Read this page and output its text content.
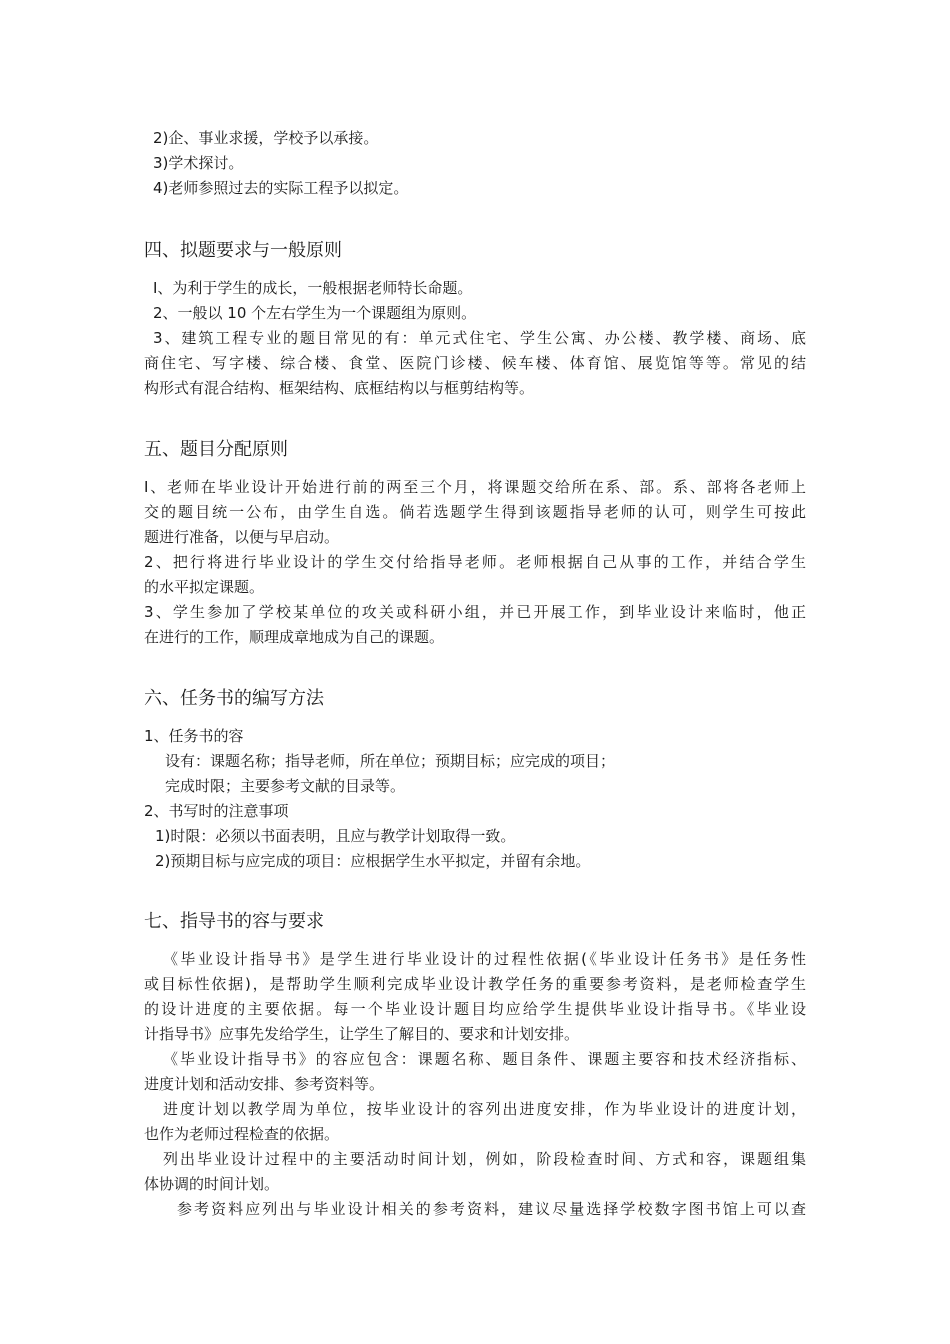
2)企、事业求援，学校予以承接。
3)学术探讨。
4)老师参照过去的实际工程予以拟定。
四、拟题要求与一般原则
I、为利于学生的成长，一般根据老师特长命题。
2、一般以 10 个左右学生为一个课题组为原则。
3、建筑工程专业的题目常见的有：单元式住宅、学生公寓、办公楼、教学楼、商场、底
商住宅、写字楼、综合楼、食堂、医院门诊楼、候车楼、体育馆、展览馆等等。常见的结
构形式有混合结构、框架结构、底框结构以与框剪结构等。
五、题目分配原则
I、老师在毕业设计开始进行前的两至三个月，将课题交给所在系、部。系、部将各老师上
交的题目统一公布，由学生自选。倘若选题学生得到该题指导老师的认可，则学生可按此
题进行准备，以便与早启动。
2、把行将进行毕业设计的学生交付给指导老师。老师根据自己从事的工作，并结合学生
的水平拟定课题。
3、学生参加了学校某单位的攻关或科研小组，并已开展工作，到毕业设计来临时，他正
在进行的工作，顺理成章地成为自己的课题。
六、任务书的编写方法
1、任务书的容
设有：课题名称；指导老师，所在单位；预期目标；应完成的项目；
完成时限；主要参考文献的目录等。
2、书写时的注意事项
1)时限：必须以书面表明，且应与教学计划取得一致。
2)预期目标与应完成的项目：应根据学生水平拟定，并留有余地。
七、指导书的容与要求
《毕业设计指导书》是学生进行毕业设计的过程性依据(《毕业设计任务书》是任务性
或目标性依据)，是帮助学生顺利完成毕业设计教学任务的重要参考资料，是老师检查学生
的设计进度的主要依据。每一个毕业设计题目均应给学生提供毕业设计指导书。《毕业设
计指导书》应事先发给学生，让学生了解目的、要求和计划安排。
《毕业设计指导书》的容应包含：课题名称、题目条件、课题主要容和技术经济指标、
进度计划和活动安排、参考资料等。
进度计划以教学周为单位，按毕业设计的容列出进度安排，作为毕业设计的进度计划，
也作为老师过程检查的依据。
列出毕业设计过程中的主要活动时间计划，例如，阶段检查时间、方式和容，课题组集
体协调的时间计划。
参考资料应列出与毕业设计相关的参考资料，建议尽量选择学校数字图书馆上可以查
